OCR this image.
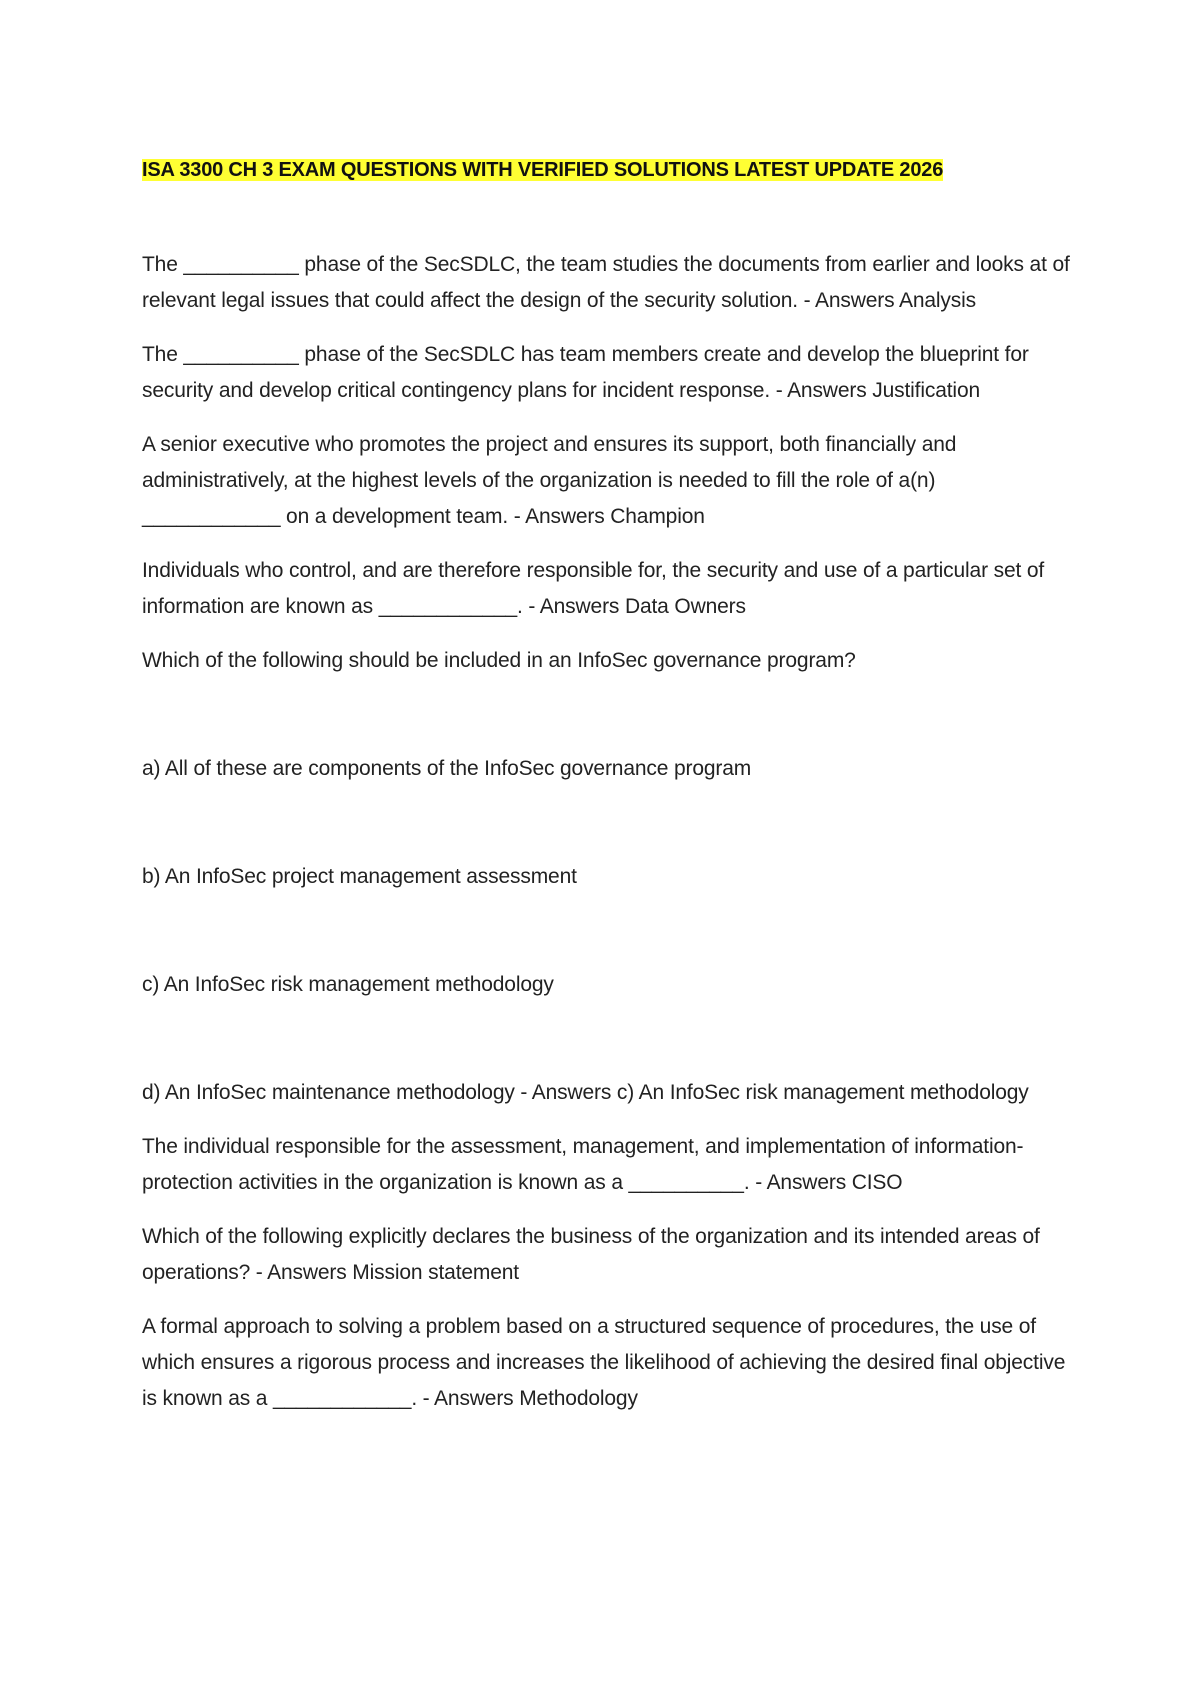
ISA 3300 CH 3 EXAM QUESTIONS WITH VERIFIED SOLUTIONS LATEST UPDATE 2026

The __________ phase of the SecSDLC, the team studies the documents from earlier and looks at of relevant legal issues that could affect the design of the security solution. - Answers Analysis

The __________ phase of the SecSDLC has team members create and develop the blueprint for security and develop critical contingency plans for incident response. - Answers Justification

A senior executive who promotes the project and ensures its support, both financially and administratively, at the highest levels of the organization is needed to fill the role of a(n) ____________ on a development team. - Answers Champion

Individuals who control, and are therefore responsible for, the security and use of a particular set of information are known as ____________. - Answers Data Owners

Which of the following should be included in an InfoSec governance program?

a) All of these are components of the InfoSec governance program

b) An InfoSec project management assessment

c) An InfoSec risk management methodology

d) An InfoSec maintenance methodology - Answers c) An InfoSec risk management methodology

The individual responsible for the assessment, management, and implementation of information-protection activities in the organization is known as a __________. - Answers CISO

Which of the following explicitly declares the business of the organization and its intended areas of operations? - Answers Mission statement

A formal approach to solving a problem based on a structured sequence of procedures, the use of which ensures a rigorous process and increases the likelihood of achieving the desired final objective is known as a ____________. - Answers Methodology
